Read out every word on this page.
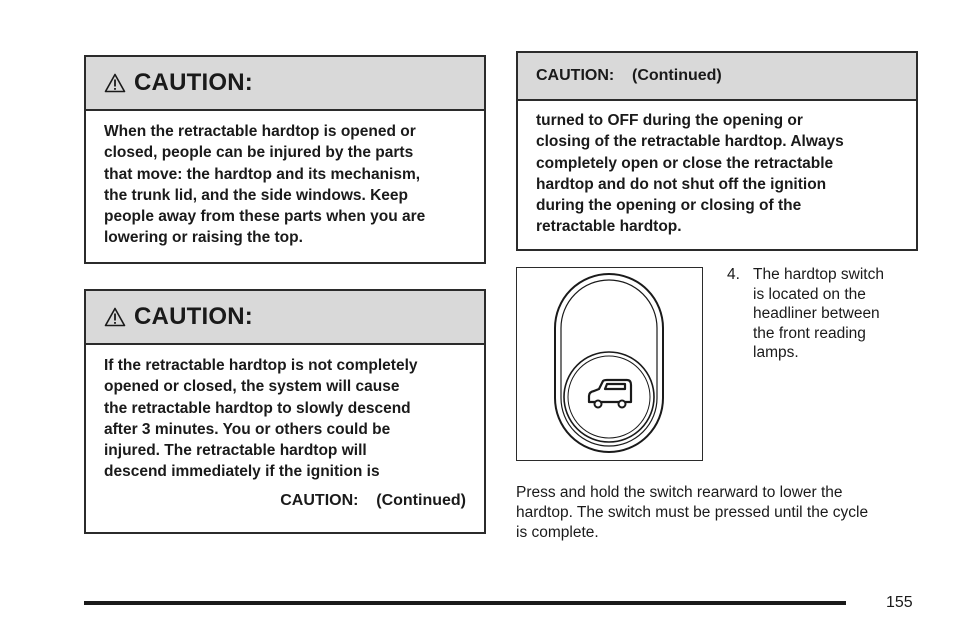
CAUTION:
When the retractable hardtop is opened or
closed, people can be injured by the parts
that move: the hardtop and its mechanism,
the trunk lid, and the side windows. Keep
people away from these parts when you are
lowering or raising the top.
CAUTION:
If the retractable hardtop is not completely
opened or closed, the system will cause
the retractable hardtop to slowly descend
after 3 minutes. You or others could be
injured. The retractable hardtop will
descend immediately if the ignition is
CAUTION:    (Continued)
CAUTION:    (Continued)
turned to OFF during the opening or
closing of the retractable hardtop. Always
completely open or close the retractable
hardtop and do not shut off the ignition
during the opening or closing of the
retractable hardtop.
4. The hardtop switch
is located on the
headliner between
the front reading
lamps.
Press and hold the switch rearward to lower the
hardtop. The switch must be pressed until the cycle
is complete.
155
